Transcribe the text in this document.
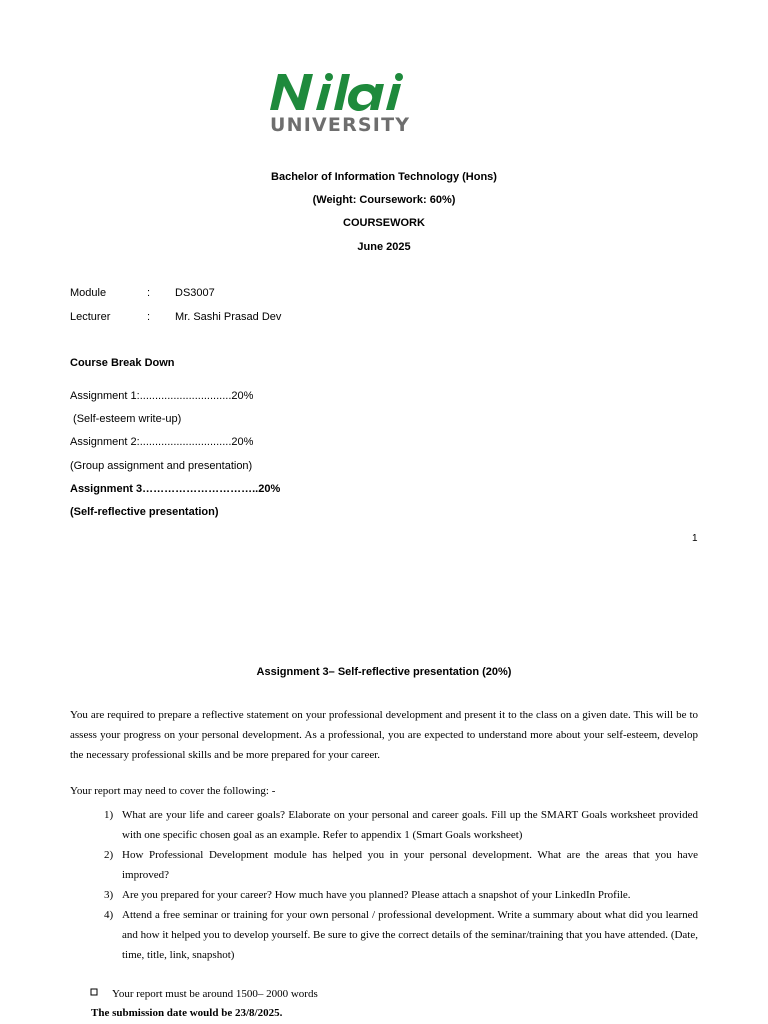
UNIVERSITY
Bachelor of Information Technology (Hons)
(Weight: Coursework: 60%)
COURSEWORK
June 2025
Module	: DS3007
Lecturer	: Mr. Sashi Prasad Dev
Course Break Down
Assignment 1:..............................20%
(Self-esteem write-up)
Assignment 2:..............................20%
(Group assignment and presentation)
Assignment 3…………………………..20%
(Self-reflective presentation)
1
Assignment 3– Self-reflective presentation (20%)
You are required to prepare a reflective statement on your professional development and present it to the class on a given date. This will be to assess your progress on your personal development. As a professional, you are expected to understand more about your self-esteem, develop the necessary professional skills and be more prepared for your career.
Your report may need to cover the following: -
1) What are your life and career goals? Elaborate on your personal and career goals. Fill up the SMART Goals worksheet provided with one specific chosen goal as an example. Refer to appendix 1 (Smart Goals worksheet)
2) How Professional Development module has helped you in your personal development. What are the areas that you have improved?
3) Are you prepared for your career? How much have you planned? Please attach a snapshot of your LinkedIn Profile.
4) Attend a free seminar or training for your own personal / professional development. Write a summary about what did you learned and how it helped you to develop yourself. Be sure to give the correct details of the seminar/training that you have attended. (Date, time, title, link, snapshot)
Your report must be around 1500– 2000 words
The submission date would be 23/8/2025.
